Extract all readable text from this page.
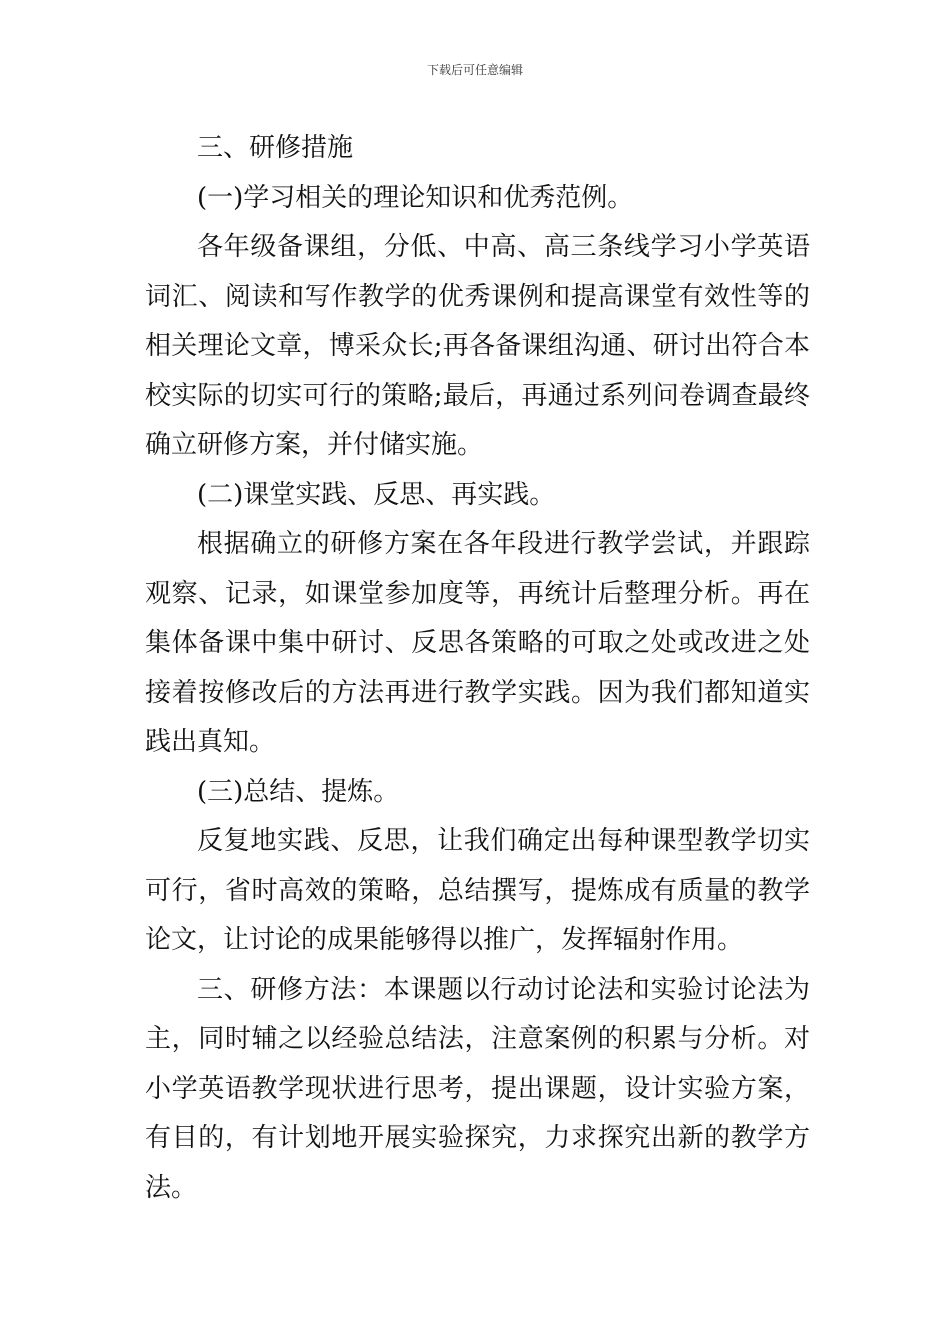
下载后可任意编辑

三、研修措施

(一)学习相关的理论知识和优秀范例。

各年级备课组，分低、中高、高三条线学习小学英语词汇、阅读和写作教学的优秀课例和提高课堂有效性等的相关理论文章，博采众长;再各备课组沟通、研讨出符合本校实际的切实可行的策略;最后，再通过系列问卷调查最终确立研修方案，并付储实施。

(二)课堂实践、反思、再实践。

根据确立的研修方案在各年段进行教学尝试，并跟踪观察、记录，如课堂参加度等，再统计后整理分析。再在集体备课中集中研讨、反思各策略的可取之处或改进之处接着按修改后的方法再进行教学实践。因为我们都知道实践出真知。

(三)总结、提炼。

反复地实践、反思，让我们确定出每种课型教学切实可行，省时高效的策略，总结撰写，提炼成有质量的教学论文，让讨论的成果能够得以推广，发挥辐射作用。

三、研修方法：本课题以行动讨论法和实验讨论法为主，同时辅之以经验总结法，注意案例的积累与分析。对小学英语教学现状进行思考，提出课题，设计实验方案，有目的，有计划地开展实验探究，力求探究出新的教学方法。
